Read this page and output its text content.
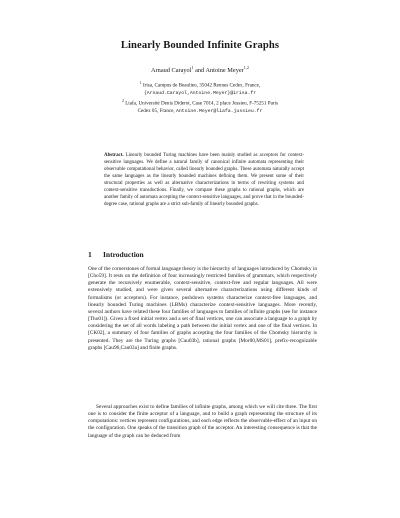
Linearly Bounded Infinite Graphs
Arnaud Carayol$^1$ and Antoine Meyer$^{1,2}$
$^1$ Irisa, Campus de Beaulieu, 35042 Rennes Cedex, France,
{Arnaud.Carayol,Antoine.Meyer}@irisa.fr
$^2$ Liafa, Université Denis Diderot, Case 7014, 2 place Jussieu, F-75251 Paris
Cedex 05, France, Antoine.Meyer@liafa.jussieu.fr
Abstract. Linearly bounded Turing machines have been mainly studied as acceptors for context-sensitive languages. We define a natural family of canonical infinite automata representing their observable computational behavior, called linearly bounded graphs. These automata naturally accept the same languages as the linearly bounded machines defining them. We present some of their structural properties as well as alternative characterizations in terms of rewriting systems and context-sensitive transductions. Finally, we compare these graphs to rational graphs, which are another family of automata accepting the context-sensitive languages, and prove that in the bounded-degree case, rational graphs are a strict sub-family of linearly bounded graphs.
1 Introduction
One of the cornerstones of formal language theory is the hierarchy of languages introduced by Chomsky in [Cho59]. It rests on the definition of four increasingly restricted families of grammars, which respectively generate the recursively enumerable, context-sensitive, context-free and regular languages. All were extensively studied, and were given several alternative characterizations using different kinds of formalisms (or acceptors). For instance, pushdown systems characterize context-free languages, and linearly bounded Turing machines (LBMs) characterize context-sensitive languages. More recently, several authors have related these four families of languages to families of infinite graphs (see for instance [Tho01]). Given a fixed initial vertex and a set of final vertices, one can associate a language to a graph by considering the set of all words labeling a path between the initial vertex and one of the final vertices. In [CK02], a summary of four families of graphs accepting the four families of the Chomsky hierarchy is presented. They are the Turing graphs [Cau03b], rational graphs [Mor00,MS01], prefix-recognizable graphs [Cau96,Cau03a] and finite graphs.
Several approaches exist to define families of infinite graphs, among which we will cite three. The first one is to consider the finite acceptor of a language, and to build a graph representing the structure of its computations: vertices represent configurations, and each edge reflects the observable-effect of an input on the configuration. One speaks of the transition graph of the acceptor. An interesting consequence is that the language of the graph can be deduced from
